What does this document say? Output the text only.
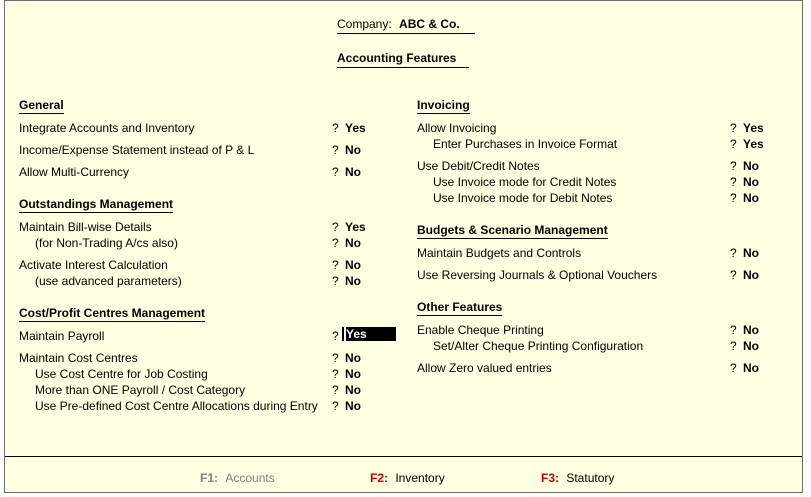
Company: ABC & Co.
Accounting Features
General
Integrate Accounts and Inventory	? Yes
Income/Expense Statement instead of P & L	? No
Allow Multi-Currency	? No
Outstandings Management
Maintain Bill-wise Details	? Yes
(for Non-Trading A/cs also)	? No
Activate Interest Calculation	? No
(use advanced parameters)	? No
Cost/Profit Centres Management
Maintain Payroll	? Yes
Maintain Cost Centres	? No
Use Cost Centre for Job Costing	? No
More than ONE Payroll / Cost Category	? No
Use Pre-defined Cost Centre Allocations during Entry ? No
Invoicing
Allow Invoicing	? Yes
Enter Purchases in Invoice Format	? Yes
Use Debit/Credit Notes	? No
Use Invoice mode for Credit Notes	? No
Use Invoice mode for Debit Notes	? No
Budgets & Scenario Management
Maintain Budgets and Controls	? No
Use Reversing Journals & Optional Vouchers	? No
Other Features
Enable Cheque Printing	? No
Set/Alter Cheque Printing Configuration	? No
Allow Zero valued entries	? No
F1: Accounts	F2: Inventory	F3: Statutory
